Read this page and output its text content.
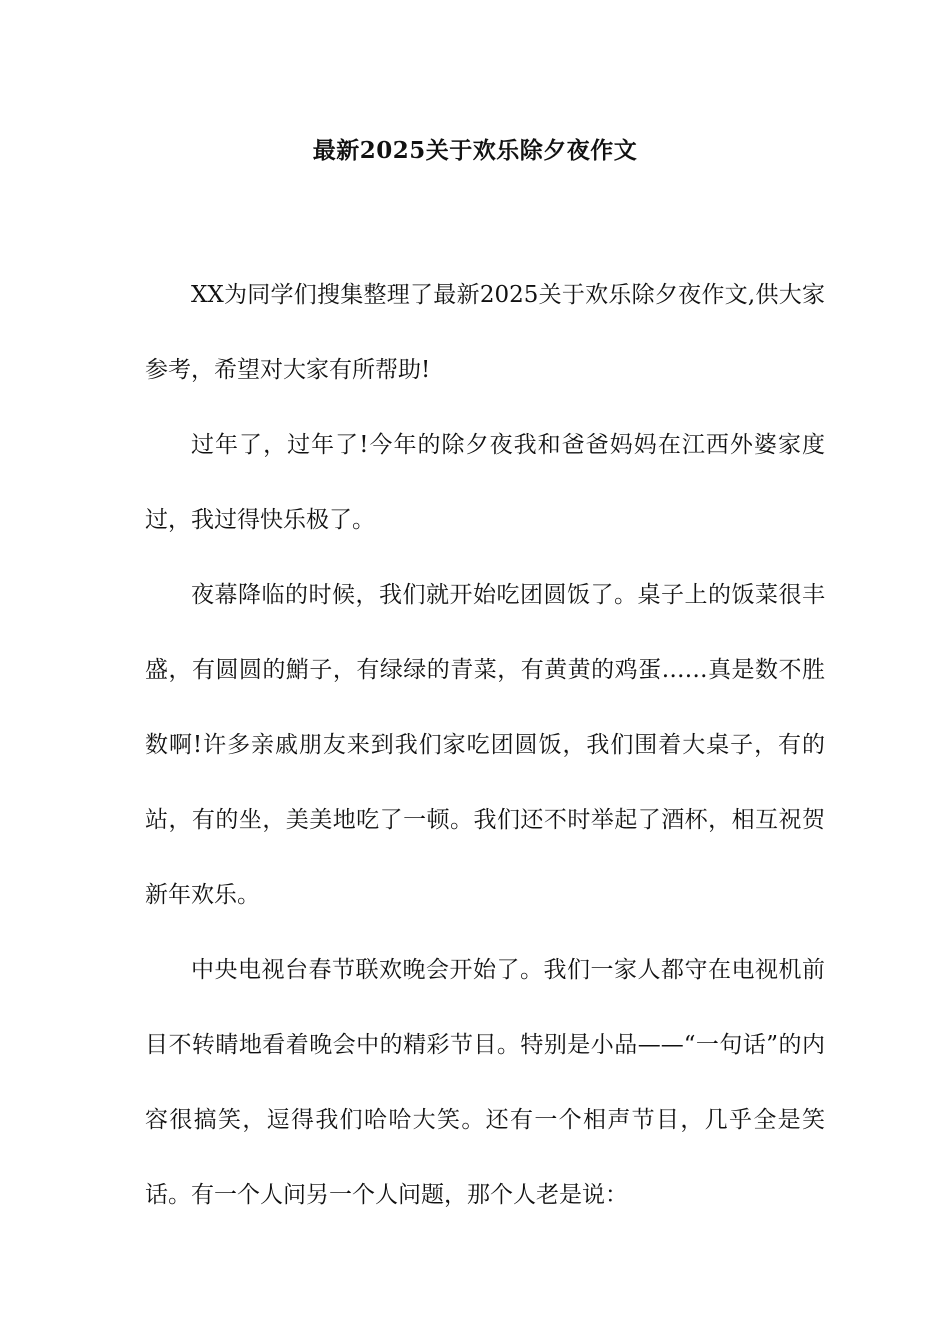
最新2025关于欢乐除夕夜作文

XX为同学们搜集整理了最新2025关于欢乐除夕夜作文,供大家参考，希望对大家有所帮助!

过年了，过年了!今年的除夕夜我和爸爸妈妈在江西外婆家度过，我过得快乐极了。

夜幕降临的时候，我们就开始吃团圆饭了。桌子上的饭菜很丰盛，有圆圆的鮹子，有绿绿的青菜，有黄黄的鸡蛋……真是数不胜数啊!许多亲戚朋友来到我们家吃团圆饭，我们围着大桌子，有的站，有的坐，美美地吃了一顿。我们还不时举起了酒杯，相互祝贺新年欢乐。

中央电视台春节联欢晚会开始了。我们一家人都守在电视机前目不转睛地看着晚会中的精彩节目。特别是小品——“一句话”的内容很搞笑，逗得我们哈哈大笑。还有一个相声节目，几乎全是笑话。有一个人问另一个人问题，那个人老是说：
